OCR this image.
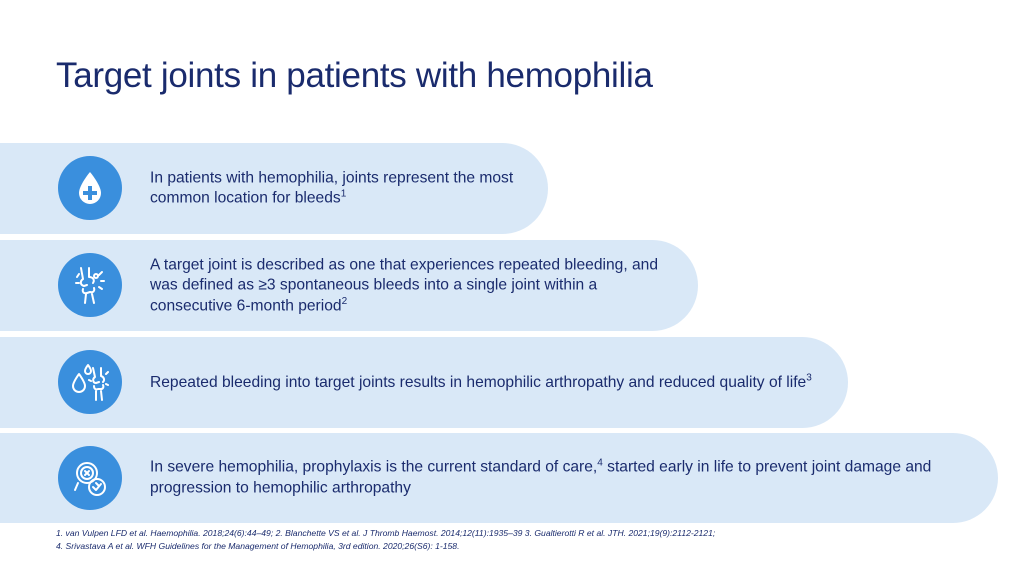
Target joints in patients with hemophilia

In patients with hemophilia, joints represent the most common location for bleeds$^1$

A target joint is described as one that experiences repeated bleeding, and was defined as ≥3 spontaneous bleeds into a single joint within a consecutive 6-month period$^2$

Repeated bleeding into target joints results in hemophilic arthropathy and reduced quality of life$^3$

In severe hemophilia, prophylaxis is the current standard of care,$^4$ started early in life to prevent joint damage and progression to hemophilic arthropathy

1. van Vulpen LFD et al. Haemophilia. 2018;24(6):44–49; 2. Blanchette VS et al. J Thromb Haemost. 2014;12(11):1935–39 3. Gualtierotti R et al. JTH. 2021;19(9):2112-2121;
4. Srivastava A et al. WFH Guidelines for the Management of Hemophilia, 3rd edition. 2020;26(S6): 1-158.
